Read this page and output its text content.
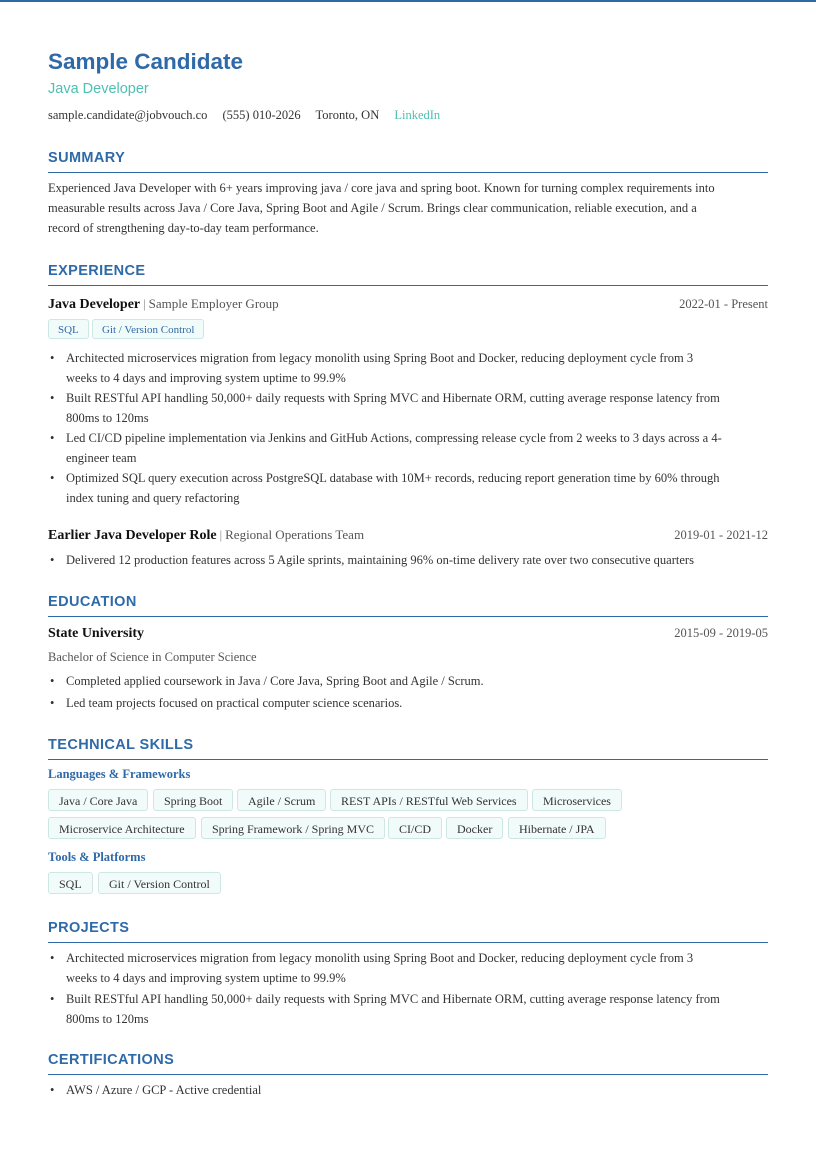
Sample Candidate
Java Developer
sample.candidate@jobvouch.co (555) 010-2026 Toronto, ON LinkedIn
SUMMARY
Experienced Java Developer with 6+ years improving java / core java and spring boot. Known for turning complex requirements into
measurable results across Java / Core Java, Spring Boot and Agile / Scrum. Brings clear communication, reliable execution, and a
record of strengthening day-to-day team performance.
EXPERIENCE
Java Developer | Sample Employer Group	2022-01 - Present
SQL	Git / Version Control
• Architected microservices migration from legacy monolith using Spring Boot and Docker, reducing deployment cycle from 3
weeks to 4 days and improving system uptime to 99.9%
• Built RESTful API handling 50,000+ daily requests with Spring MVC and Hibernate ORM, cutting average response latency from
800ms to 120ms
• Led CI/CD pipeline implementation via Jenkins and GitHub Actions, compressing release cycle from 2 weeks to 3 days across a 4-
engineer team
• Optimized SQL query execution across PostgreSQL database with 10M+ records, reducing report generation time by 60% through
index tuning and query refactoring
Earlier Java Developer Role | Regional Operations Team	2019-01 - 2021-12
• Delivered 12 production features across 5 Agile sprints, maintaining 96% on-time delivery rate over two consecutive quarters
EDUCATION
State University	2015-09 - 2019-05
Bachelor of Science in Computer Science
• Completed applied coursework in Java / Core Java, Spring Boot and Agile / Scrum.
• Led team projects focused on practical computer science scenarios.
TECHNICAL SKILLS
Languages & Frameworks
Java / Core Java	Spring Boot	Agile / Scrum	REST APIs / RESTful Web Services	Microservices
Microservice Architecture	Spring Framework / Spring MVC	CI/CD	Docker	Hibernate / JPA
Tools & Platforms
SQL	Git / Version Control
PROJECTS
• Architected microservices migration from legacy monolith using Spring Boot and Docker, reducing deployment cycle from 3
weeks to 4 days and improving system uptime to 99.9%
• Built RESTful API handling 50,000+ daily requests with Spring MVC and Hibernate ORM, cutting average response latency from
800ms to 120ms
CERTIFICATIONS
• AWS / Azure / GCP - Active credential
